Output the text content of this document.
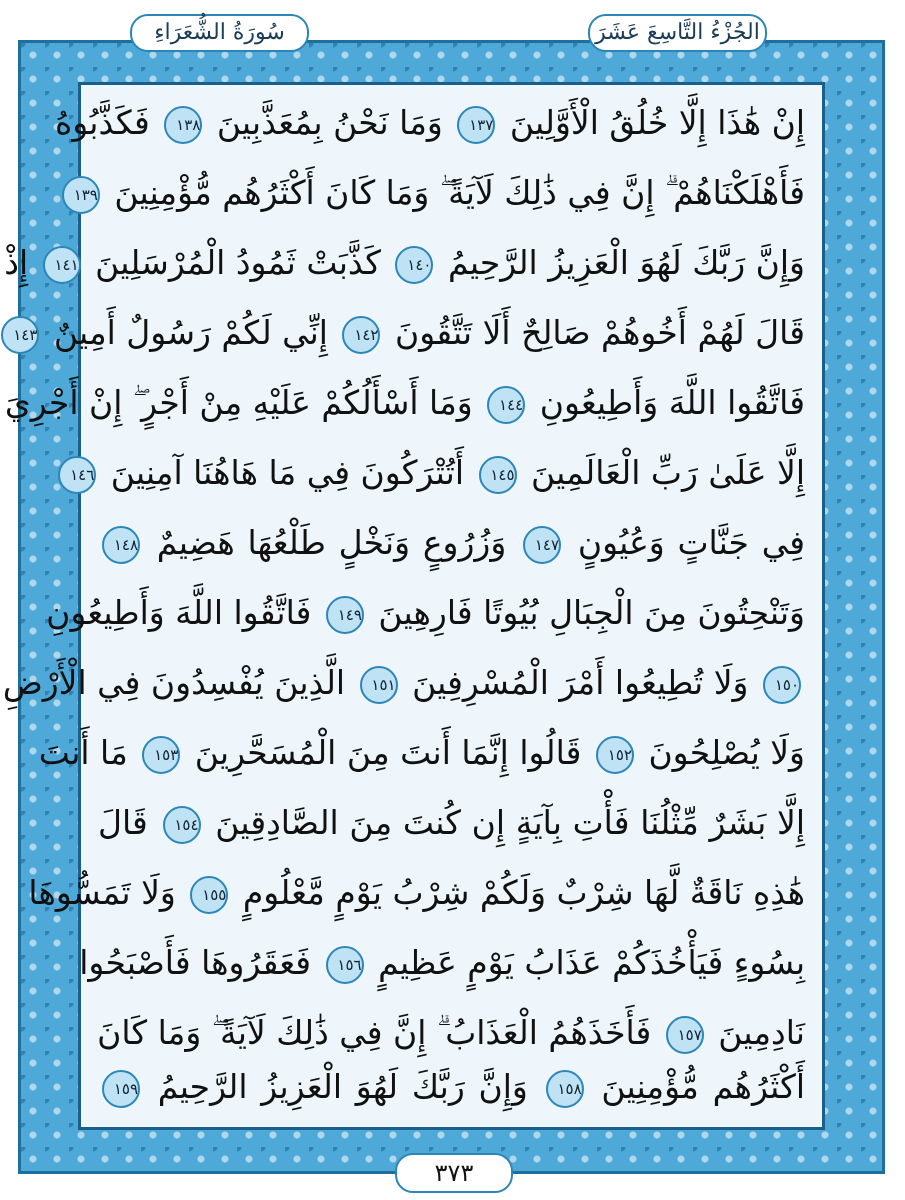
إِنْ هَٰذَا إِلَّا خُلُقُ الْأَوَّلِينَ ١٣٧ وَمَا نَحْنُ بِمُعَذَّبِينَ ١٣٨ فَكَذَّبُوهُ
فَأَهْلَكْنَاهُمْ ۗ إِنَّ فِي ذَٰلِكَ لَآيَةً ۖ وَمَا كَانَ أَكْثَرُهُم مُّؤْمِنِينَ ١٣٩
وَإِنَّ رَبَّكَ لَهُوَ الْعَزِيزُ الرَّحِيمُ ١٤٠ كَذَّبَتْ ثَمُودُ الْمُرْسَلِينَ ١٤١ إِذْ
قَالَ لَهُمْ أَخُوهُمْ صَالِحٌ أَلَا تَتَّقُونَ ١٤٢ إِنِّي لَكُمْ رَسُولٌ أَمِينٌ ١٤٣
فَاتَّقُوا اللَّهَ وَأَطِيعُونِ ١٤٤ وَمَا أَسْأَلُكُمْ عَلَيْهِ مِنْ أَجْرٍ ۖ إِنْ أَجْرِيَ
إِلَّا عَلَىٰ رَبِّ الْعَالَمِينَ ١٤٥ أَتُتْرَكُونَ فِي مَا هَاهُنَا آمِنِينَ ١٤٦
فِي جَنَّاتٍ وَعُيُونٍ ١٤٧ وَزُرُوعٍ وَنَخْلٍ طَلْعُهَا هَضِيمٌ ١٤٨
وَتَنْحِتُونَ مِنَ الْجِبَالِ بُيُوتًا فَارِهِينَ ١٤٩ فَاتَّقُوا اللَّهَ وَأَطِيعُونِ
١٥٠ وَلَا تُطِيعُوا أَمْرَ الْمُسْرِفِينَ ١٥١ الَّذِينَ يُفْسِدُونَ فِي الْأَرْضِ
وَلَا يُصْلِحُونَ ١٥٢ قَالُوا إِنَّمَا أَنتَ مِنَ الْمُسَحَّرِينَ ١٥٣ مَا أَنتَ
إِلَّا بَشَرٌ مِّثْلُنَا فَأْتِ بِآيَةٍ إِن كُنتَ مِنَ الصَّادِقِينَ ١٥٤ قَالَ
هَٰذِهِ نَاقَةٌ لَّهَا شِرْبٌ وَلَكُمْ شِرْبُ يَوْمٍ مَّعْلُومٍ ١٥٥ وَلَا تَمَسُّوهَا
بِسُوءٍ فَيَأْخُذَكُمْ عَذَابُ يَوْمٍ عَظِيمٍ ١٥٦ فَعَقَرُوهَا فَأَصْبَحُوا
نَادِمِينَ ١٥٧ فَأَخَذَهُمُ الْعَذَابُ ۗ إِنَّ فِي ذَٰلِكَ لَآيَةً ۖ وَمَا كَانَ
أَكْثَرُهُم مُّؤْمِنِينَ ١٥٨ وَإِنَّ رَبَّكَ لَهُوَ الْعَزِيزُ الرَّحِيمُ ١٥٩
سُورَةُ الشُّعَرَاءِ	الجُزْءُ التَّاسِعَ عَشَرَ
٣٧٣
